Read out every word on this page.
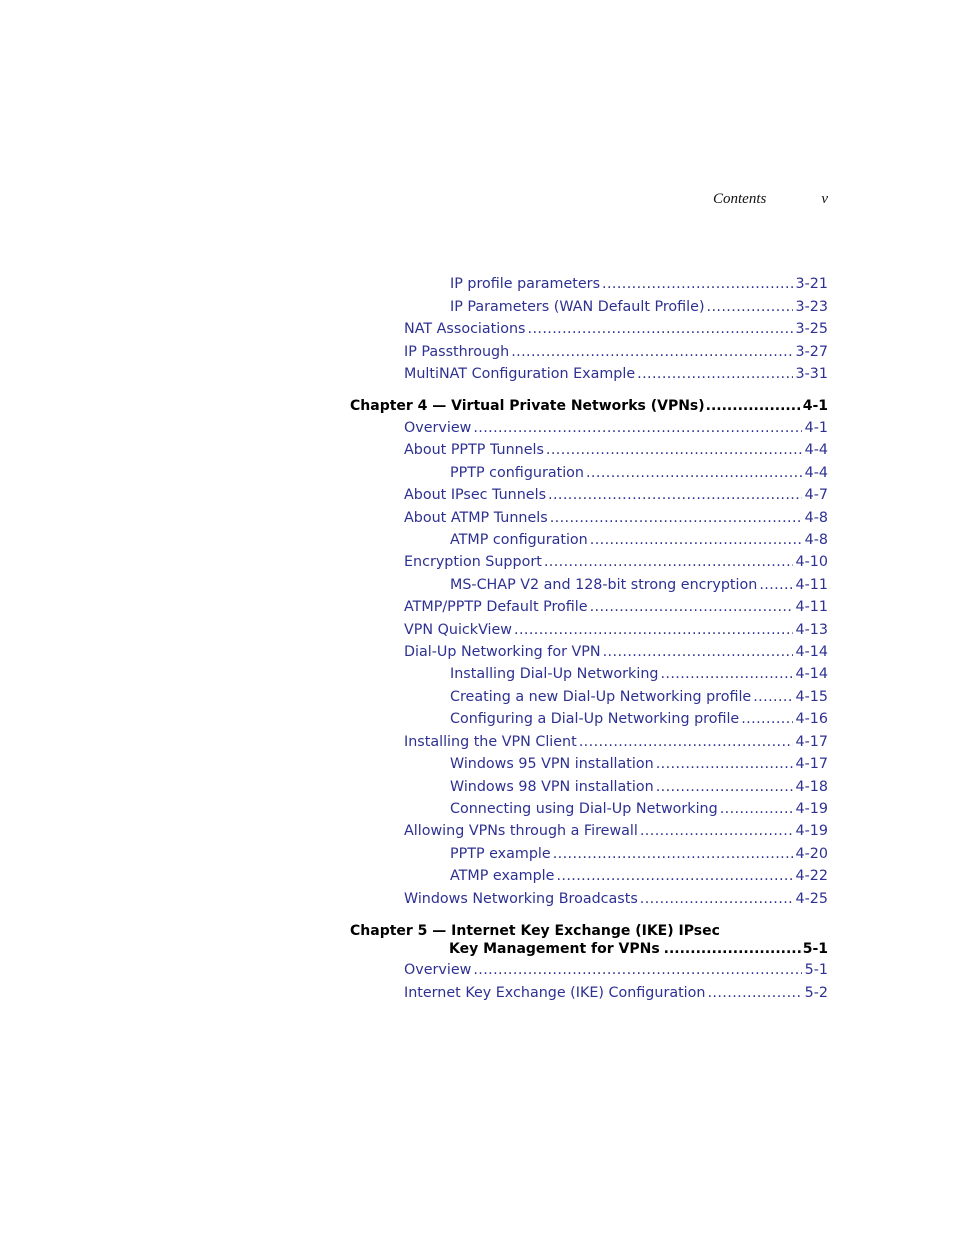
Contents	v
IP profile parameters .....	3-21
IP Parameters (WAN Default Profile) .....	3-23
NAT Associations .....	3-25
IP Passthrough .....	3-27
MultiNAT Configuration Example .....	3-31
Chapter 4 — Virtual Private Networks (VPNs) .....	4-1
Overview .....	4-1
About PPTP Tunnels .....	4-4
PPTP configuration .....	4-4
About IPsec Tunnels .....	4-7
About ATMP Tunnels .....	4-8
ATMP configuration .....	4-8
Encryption Support .....	4-10
MS-CHAP V2 and 128-bit strong encryption .....	4-11
ATMP/PPTP Default Profile .....	4-11
VPN QuickView .....	4-13
Dial-Up Networking for VPN .....	4-14
Installing Dial-Up Networking .....	4-14
Creating a new Dial-Up Networking profile .....	4-15
Configuring a Dial-Up Networking profile .....	4-16
Installing the VPN Client .....	4-17
Windows 95 VPN installation .....	4-17
Windows 98 VPN installation .....	4-18
Connecting using Dial-Up Networking .....	4-19
Allowing VPNs through a Firewall .....	4-19
PPTP example .....	4-20
ATMP example .....	4-22
Windows Networking Broadcasts .....	4-25
Chapter 5 — Internet Key Exchange (IKE) IPsec
Key Management for VPNs .....	5-1
Overview .....	5-1
Internet Key Exchange (IKE) Configuration .....	5-2
